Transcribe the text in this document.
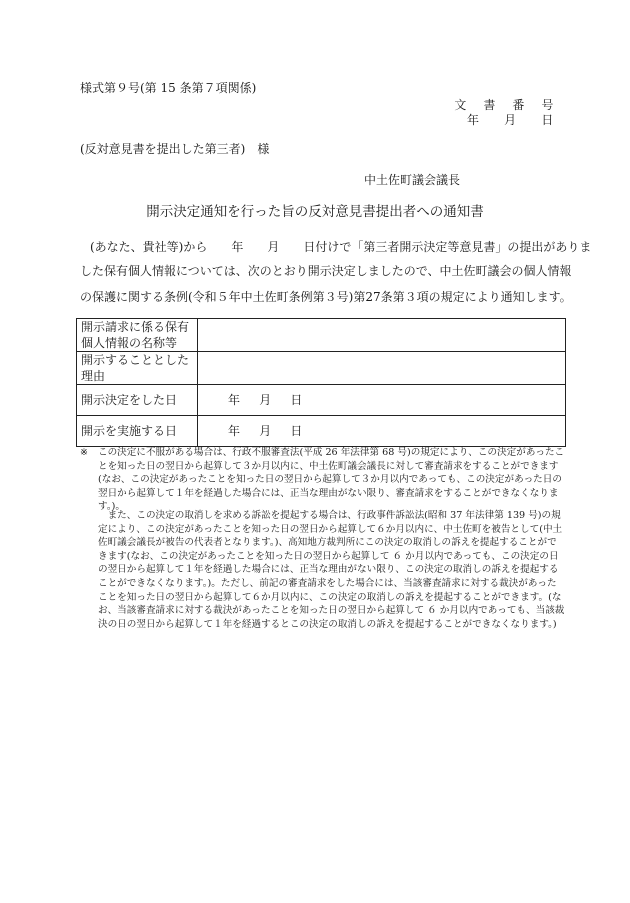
様式第９号(第 15 条第７項関係)
文 書 番 号
年　月　日
(反対意見書を提出した第三者)　様
中土佐町議会議長
開示決定通知を行った旨の反対意見書提出者への通知書
(あなた、貴社等)から　　年　　月　　日付けで「第三者開示決定等意見書」の提出がありま
した保有個人情報については、次のとおり開示決定しましたので、中土佐町議会の個人情報
の保護に関する条例(令和５年中土佐町条例第３号)第27条第３項の規定により通知します。
開示請求に係る保有
個人情報の名称等	

開示することとした
理由	

開示決定をした日	年　月　日
開示を実施する日	年　月　日
※	この決定に不服がある場合は、行政不服審査法(平成 26 年法律第 68 号)の規定により、この決定があったことを知った日の翌日から起算して３か月以内に、中土佐町議会議長に対して審査請求をすることができます(なお、この決定があったことを知った日の翌日から起算して３か月以内であっても、この決定があった日の翌日から起算して１年を経過した場合には、正当な理由がない限り、審査請求をすることができなくなります。)。
また、この決定の取消しを求める訴訟を提起する場合は、行政事件訴訟法(昭和 37 年法律第 139 号)の規定により、この決定があったことを知った日の翌日から起算して６か月以内に、中土佐町を被告として(中土佐町議会議長が被告の代表者となります。)、高知地方裁判所にこの決定の取消しの訴えを提起することができます(なお、この決定があったことを知った日の翌日から起算して ６ か月以内であっても、この決定の日の翌日から起算して１年を経過した場合には、正当な理由がない限り、この決定の取消しの訴えを提起することができなくなります。)。ただし、前記の審査請求をした場合には、当該審査請求に対する裁決があったことを知った日の翌日から起算して６か月以内に、この決定の取消しの訴えを提起することができます。(なお、当該審査請求に対する裁決があったことを知った日の翌日から起算して ６ か月以内であっても、当該裁決の日の翌日から起算して１年を経過するとこの決定の取消しの訴えを提起することができなくなります。)
